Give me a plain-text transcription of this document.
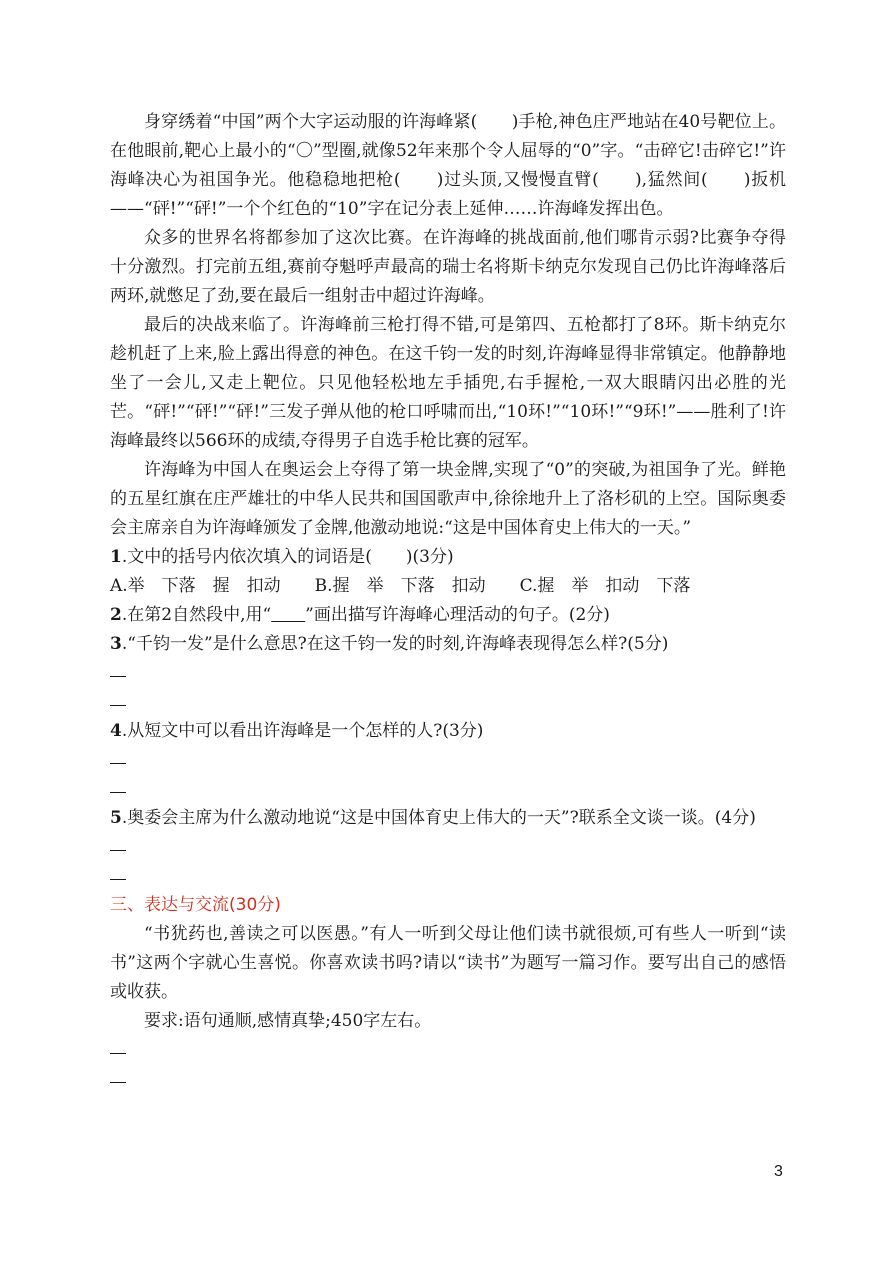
身穿绣着“中国”两个大字运动服的许海峰紧(　　)手枪,神色庄严地站在40号靶位上。在他眼前,靶心上最小的“〇”型圈,就像52年来那个令人屈辱的“0”字。“击碎它!击碎它!”许海峰决心为祖国争光。他稳稳地把枪(　　)过头顶,又慢慢直臂(　　),猛然间(　　)扳机——“砰!”“砰!”一个个红色的“10”字在记分表上延伸……许海峰发挥出色。

众多的世界名将都参加了这次比赛。在许海峰的挑战面前,他们哪肯示弱?比赛争夺得十分激烈。打完前五组,赛前夺魁呼声最高的瑞士名将斯卡纳克尔发现自己仍比许海峰落后两环,就憋足了劲,要在最后一组射击中超过许海峰。

最后的决战来临了。许海峰前三枪打得不错,可是第四、五枪都打了8环。斯卡纳克尔趁机赶了上来,脸上露出得意的神色。在这千钧一发的时刻,许海峰显得非常镇定。他静静地坐了一会儿,又走上靶位。只见他轻松地左手插兜,右手握枪,一双大眼睛闪出必胜的光芒。“砰!”“砰!”“砰!”三发子弹从他的枪口呼啸而出,“10环!”“10环!”“9环!”——胜利了!许海峰最终以566环的成绩,夺得男子自选手枪比赛的冠军。

许海峰为中国人在奥运会上夺得了第一块金牌,实现了“0”的突破,为祖国争了光。鲜艳的五星红旗在庄严雄壮的中华人民共和国国歌声中,徐徐地升上了洛杉矶的上空。国际奥委会主席亲自为许海峰颁发了金牌,他激动地说:“这是中国体育史上伟大的一天。”

1.文中的括号内依次填入的词语是(　　)(3分)

A.举　下落　握　扣动　　B.握　举　下落　扣动　　C.握　举　扣动　下落

2.在第2自然段中,用“　　 ”画出描写许海峰心理活动的句子。(2分)

3.“千钧一发”是什么意思?在这千钧一发的时刻,许海峰表现得怎么样?(5分)

4.从短文中可以看出许海峰是一个怎样的人?(3分)

5.奥委会主席为什么激动地说“这是中国体育史上伟大的一天”?联系全文谈一谈。(4分)

三、表达与交流(30分)

“书犹药也,善读之可以医愚。”有人一听到父母让他们读书就很烦,可有些人一听到“读书”这两个字就心生喜悦。你喜欢读书吗?请以“读书”为题写一篇习作。要写出自己的感悟或收获。

要求:语句通顺,感情真挚;450字左右。

3
